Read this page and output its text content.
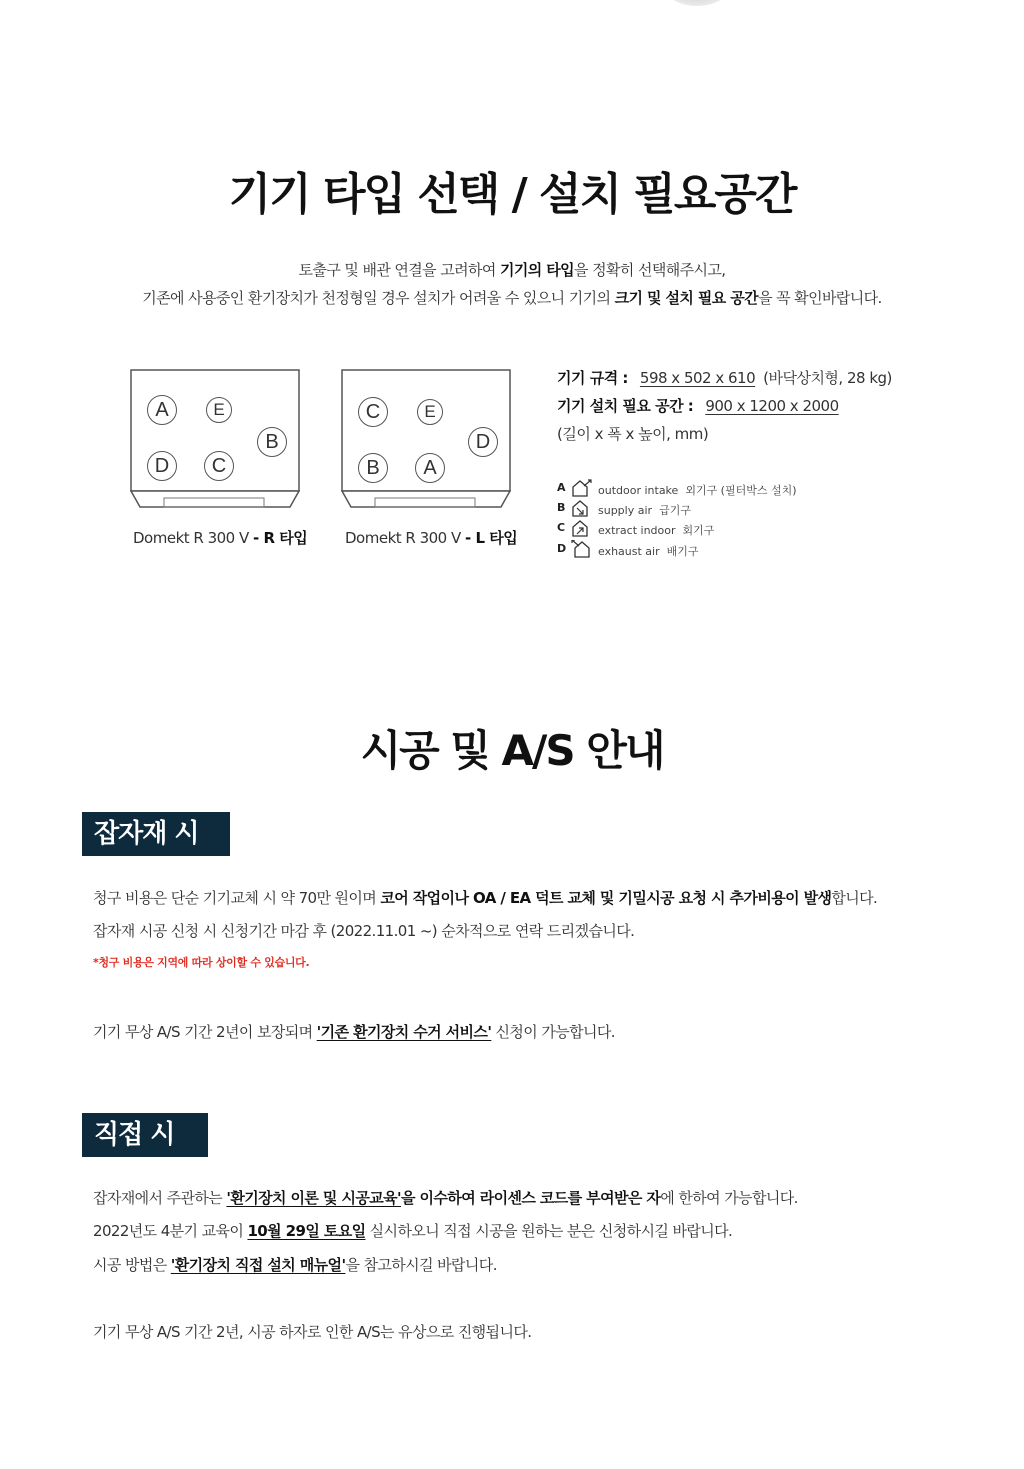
기기 타입 선택 / 설치 필요공간
토출구 및 배관 연결을 고려하여 기기의 타입을 정확히 선택해주시고,
기존에 사용중인 환기장치가 천정형일 경우 설치가 어려울 수 있으니 기기의 크기 및 설치 필요 공간을 꼭 확인바랍니다.
A	E
B
D	C
Domekt R 300 V - R 타입
C	E
D
B	A
Domekt R 300 V - L 타입
기기 규격 : 598 x 502 x 610 (바닥상치형, 28 kg)
기기 설치 필요 공간 : 900 x 1200 x 2000
(길이 x 폭 x 높이, mm)
A	outdoor intake 외기구 (필터박스 설치)
B	supply air 급기구
C	extract indoor 회기구
D	exhaust air 배기구
시공 및 A/S 안내
잡자재 시공
청구 비용은 단순 기기교체 시 약 70만 원이며 코어 작업이나 OA / EA 덕트 교체 및 기밀시공 요청 시 추가비용이 발생합니다.
잡자재 시공 신청 시 신청기간 마감 후 (2022.11.01 ~) 순차적으로 연락 드리겠습니다.
*청구 비용은 지역에 따라 상이할 수 있습니다.
기기 무상 A/S 기간 2년이 보장되며 '기존 환기장치 수거 서비스' 신청이 가능합니다.
직접 시공
잡자재에서 주관하는 '환기장치 이론 및 시공교육'을 이수하여 라이센스 코드를 부여받은 자에 한하여 가능합니다.
2022년도 4분기 교육이 10월 29일 토요일 실시하오니 직접 시공을 원하는 분은 신청하시길 바랍니다.
시공 방법은 '환기장치 직접 설치 매뉴얼'을 참고하시길 바랍니다.
기기 무상 A/S 기간 2년, 시공 하자로 인한 A/S는 유상으로 진행됩니다.
